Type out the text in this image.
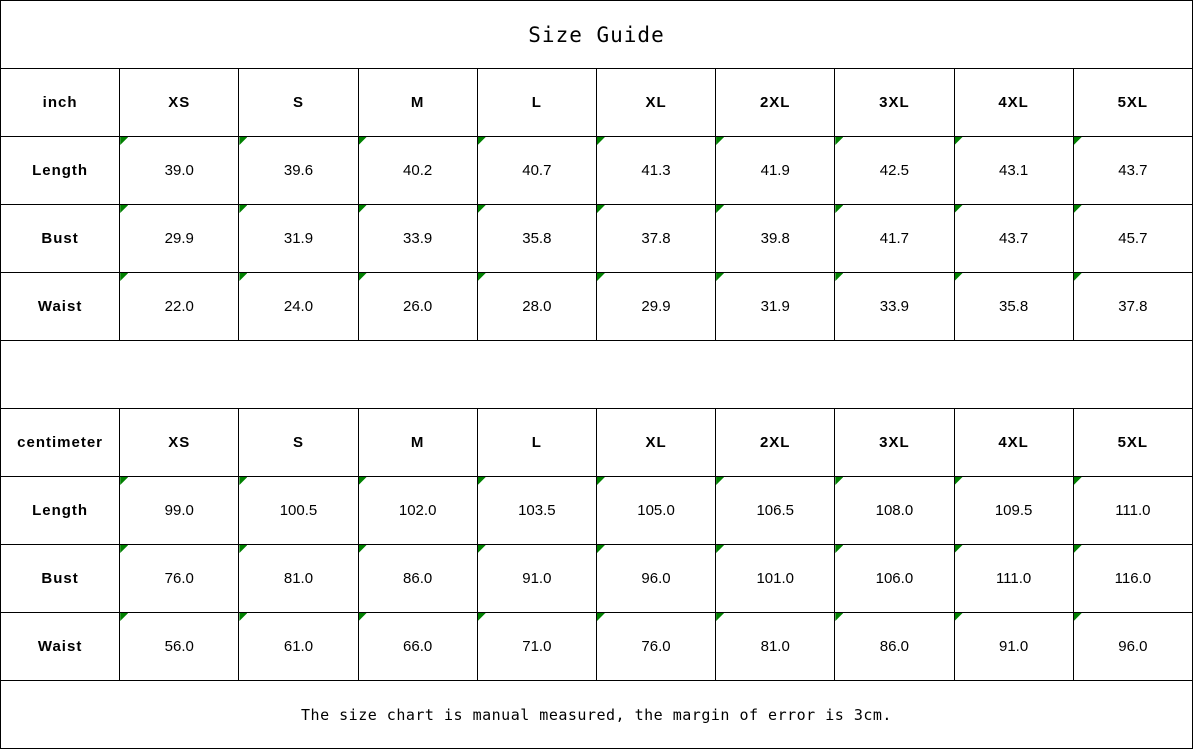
Size Guide									
inch	XS	S	M	L	XL	2XL	3XL	4XL	5XL
Length	39.0	39.6	40.2	40.7	41.3	41.9	42.5	43.1	43.7
Bust	29.9	31.9	33.9	35.8	37.8	39.8	41.7	43.7	45.7
Waist	22.0	24.0	26.0	28.0	29.9	31.9	33.9	35.8	37.8

centimeter	XS	S	M	L	XL	2XL	3XL	4XL	5XL
Length	99.0	100.5	102.0	103.5	105.0	106.5	108.0	109.5	111.0
Bust	76.0	81.0	86.0	91.0	96.0	101.0	106.0	111.0	116.0
Waist	56.0	61.0	66.0	71.0	76.0	81.0	86.0	91.0	96.0
The size chart is manual measured, the margin of error is 3cm.									
